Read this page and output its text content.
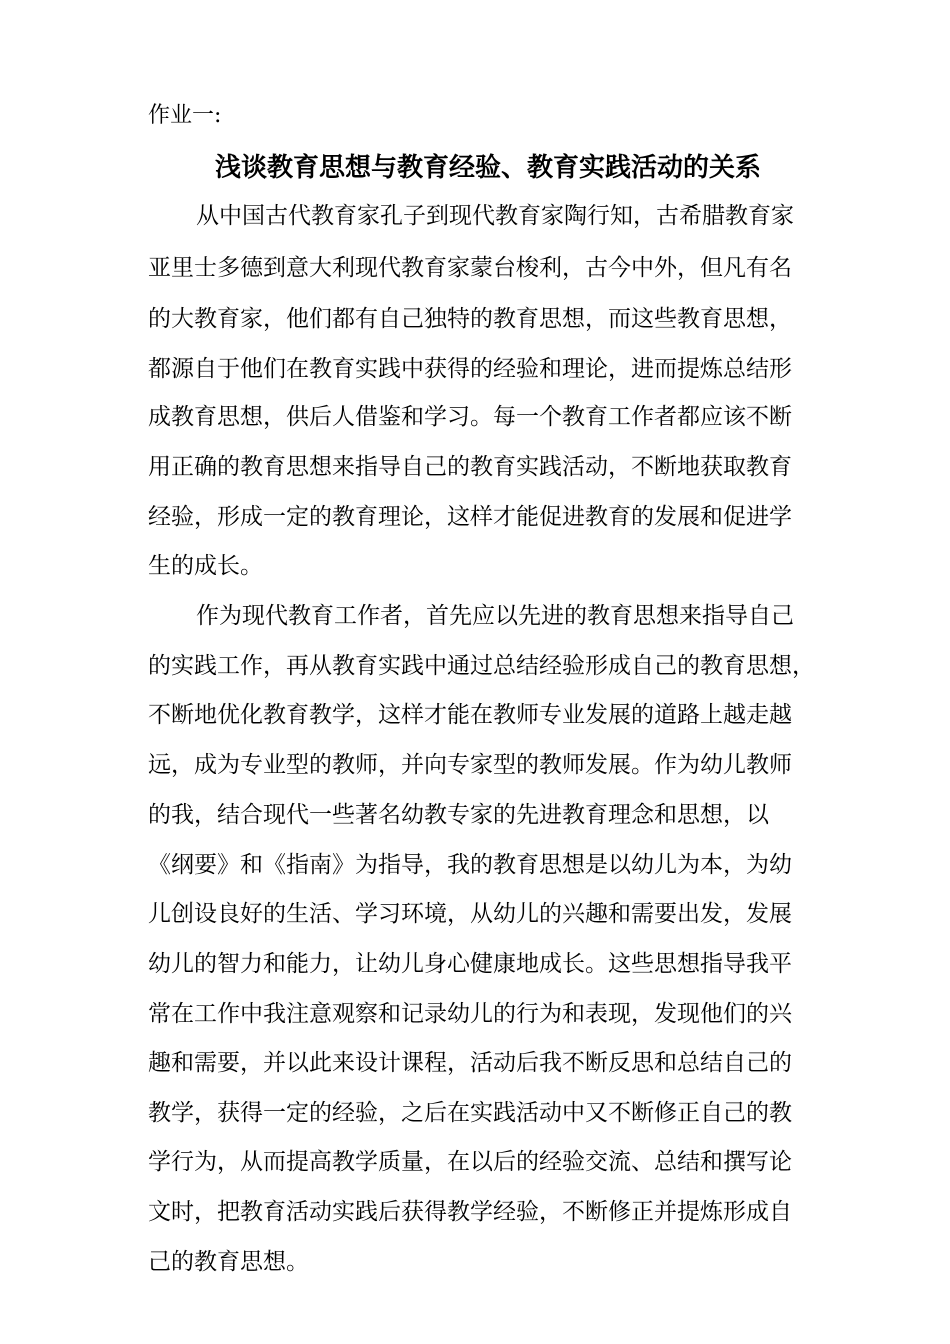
作业一:
浅谈教育思想与教育经验、教育实践活动的关系
从中国古代教育家孔子到现代教育家陶行知，古希腊教育家
亚里士多德到意大利现代教育家蒙台梭利，古今中外，但凡有名
的大教育家，他们都有自己独特的教育思想，而这些教育思想，
都源自于他们在教育实践中获得的经验和理论，进而提炼总结形
成教育思想，供后人借鉴和学习。每一个教育工作者都应该不断
用正确的教育思想来指导自己的教育实践活动，不断地获取教育
经验，形成一定的教育理论，这样才能促进教育的发展和促进学
生的成长。
作为现代教育工作者，首先应以先进的教育思想来指导自己
的实践工作，再从教育实践中通过总结经验形成自己的教育思想，
不断地优化教育教学，这样才能在教师专业发展的道路上越走越
远，成为专业型的教师，并向专家型的教师发展。作为幼儿教师
的我，结合现代一些著名幼教专家的先进教育理念和思想，以
《纲要》和《指南》为指导，我的教育思想是以幼儿为本，为幼
儿创设良好的生活、学习环境，从幼儿的兴趣和需要出发，发展
幼儿的智力和能力，让幼儿身心健康地成长。这些思想指导我平
常在工作中我注意观察和记录幼儿的行为和表现，发现他们的兴
趣和需要，并以此来设计课程，活动后我不断反思和总结自己的
教学，获得一定的经验，之后在实践活动中又不断修正自己的教
学行为，从而提高教学质量，在以后的经验交流、总结和撰写论
文时，把教育活动实践后获得教学经验，不断修正并提炼形成自
己的教育思想。
